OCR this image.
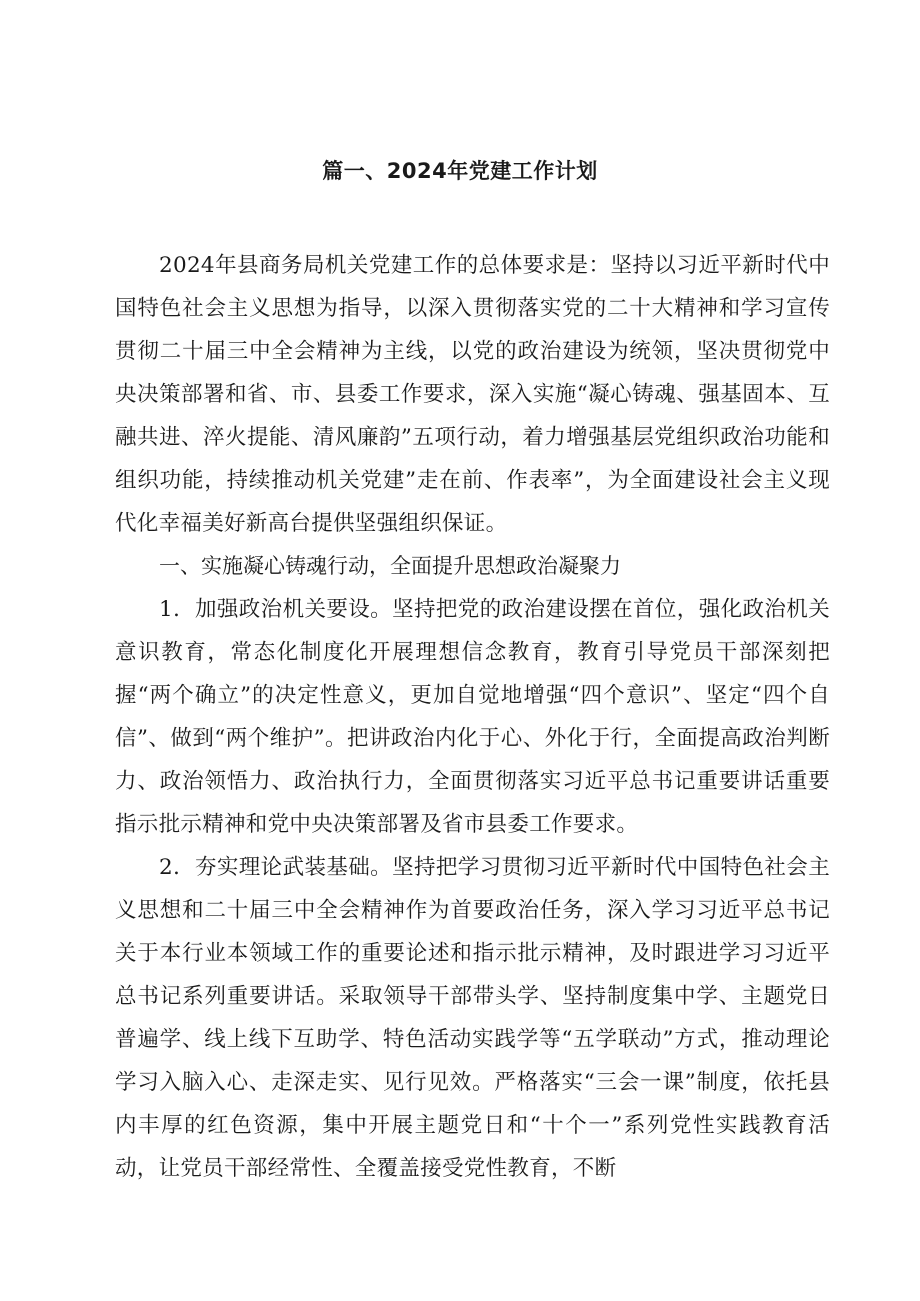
篇一、2024年党建工作计划

2024年县商务局机关党建工作的总体要求是：坚持以习近平新时代中国特色社会主义思想为指导，以深入贯彻落实党的二十大精神和学习宣传贯彻二十届三中全会精神为主线，以党的政治建设为统领，坚决贯彻党中央决策部署和省、市、县委工作要求，深入实施“凝心铸魂、强基固本、互融共进、淬火提能、清风廉韵”五项行动，着力增强基层党组织政治功能和组织功能，持续推动机关党建”走在前、作表率”，为全面建设社会主义现代化幸福美好新高台提供坚强组织保证。

一、实施凝心铸魂行动，全面提升思想政治凝聚力

1．加强政治机关要设。坚持把党的政治建设摆在首位，强化政治机关意识教育，常态化制度化开展理想信念教育，教育引导党员干部深刻把握“两个确立”的决定性意义，更加自觉地增强“四个意识”、坚定“四个自信”、做到“两个维护”。把讲政治内化于心、外化于行，全面提高政治判断力、政治领悟力、政治执行力，全面贯彻落实习近平总书记重要讲话重要指示批示精神和党中央决策部署及省市县委工作要求。

2．夯实理论武装基础。坚持把学习贯彻习近平新时代中国特色社会主义思想和二十届三中全会精神作为首要政治任务，深入学习习近平总书记关于本行业本领域工作的重要论述和指示批示精神，及时跟进学习习近平总书记系列重要讲话。采取领导干部带头学、坚持制度集中学、主题党日普遍学、线上线下互助学、特色活动实践学等“五学联动”方式，推动理论学习入脑入心、走深走实、见行见效。严格落实“三会一课”制度，依托县内丰厚的红色资源，集中开展主题党日和“十个一”系列党性实践教育活动，让党员干部经常性、全覆盖接受党性教育，不断
